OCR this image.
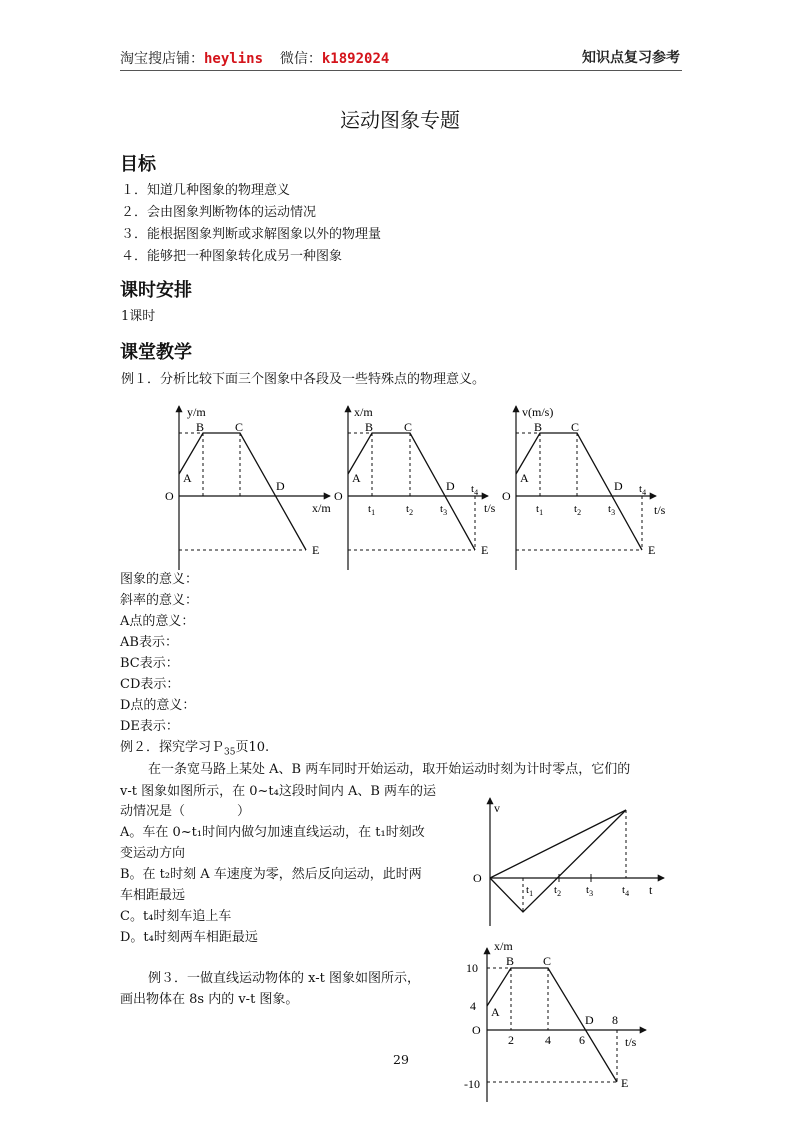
淘宝搜店铺：heylins  微信：k1892024	知识点复习参考
运动图象专题
目标
１．知道几种图象的物理意义
２．会由图象判断物体的运动情况
３．能根据图象判断或求解图象以外的物理量
４．能够把一种图象转化成另一种图象
课时安排
1课时
课堂教学
例１．分析比较下面三个图象中各段及一些特殊点的物理意义。
y/m
x/m
O
A
B	C
D
E
x/m
t/s
O
A
B	C
D
E
$t_1$	$t_2$ $t_3$
$t_4$
v(m/s)
t/s
O
A
B C
D
E
$t_1$	$t_2$ $t_3$
$t_4$
图象的意义：
斜率的意义：
A点的意义：
AB表示：
BC表示：
CD表示：
D点的意义：
DE表示：
例２．探究学习Ｐ$_{35}$页10.
在一条宽马路上某处 A、B 两车同时开始运动，取开始运动时刻为计时零点，它们的
v-t 图象如图所示，在 0~t₄这段时间内 A、B 两车的运
动情况是（　　　　）
A。车在 0~t₁时间内做匀加速直线运动，在 t₁时刻改
变运动方向
B。在 t₂时刻 A 车速度为零，然后反向运动，此时两
车相距最远
C。t₄时刻车追上车
D。t₄时刻两车相距最远
v
t
O
$t_1$ $t_2$ $t_3$	$t_4$
例３．一做直线运动物体的 x-t 图象如图所示，
画出物体在 8s 内的 v-t 图象。
x/m
t/s
O
10
4
-10
2	4 6
8
A
B C
D
E
29
